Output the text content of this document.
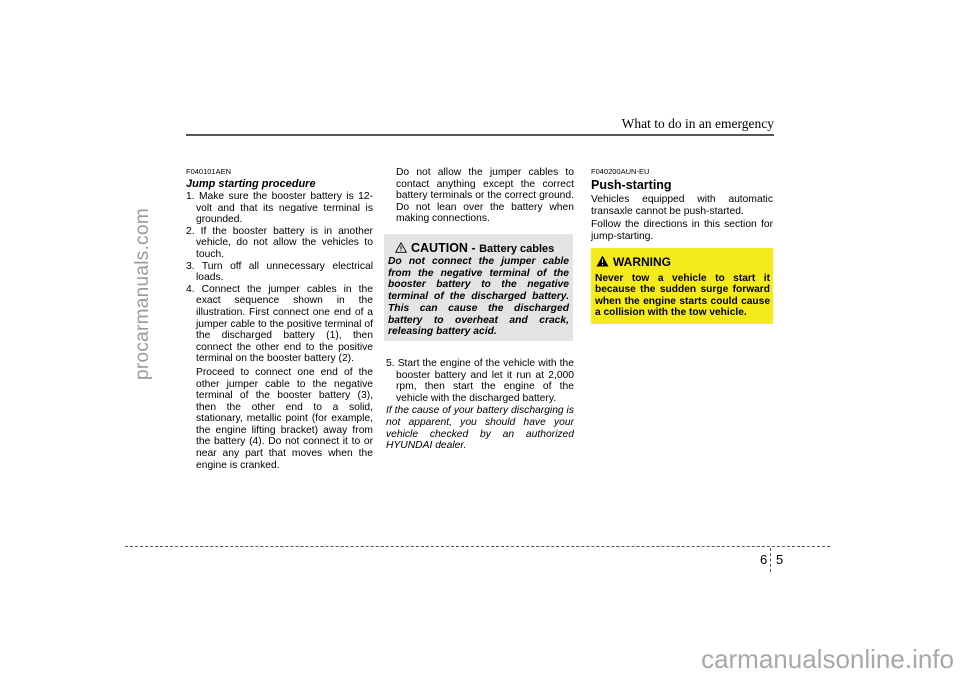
procarmanuals.com
What to do in an emergency
F040101AEN
Jump starting procedure
1. Make sure the booster battery is 12-volt and that its negative terminal is grounded.
2. If the booster battery is in another vehicle, do not allow the vehicles to touch.
3. Turn off all unnecessary electrical loads.
4. Connect the jumper cables in the exact sequence shown in the illustration. First connect one end of a jumper cable to the positive terminal of the discharged battery (1), then connect the other end to the positive terminal on the booster battery (2).
Proceed to connect one end of the other jumper cable to the negative terminal of the booster battery (3), then the other end to a solid, stationary, metallic point (for example, the engine lifting bracket) away from the battery (4). Do not connect it to or near any part that moves when the engine is cranked.
Do not allow the jumper cables to contact anything except the correct battery terminals or the correct ground. Do not lean over the battery when making connections.
CAUTION - Battery cables
Do not connect the jumper cable from the negative terminal of the booster battery to the negative terminal of the discharged battery. This can cause the discharged battery to overheat and crack, releasing battery acid.
5. Start the engine of the vehicle with the booster battery and let it run at 2,000 rpm, then start the engine of the vehicle with the discharged battery.
If the cause of your battery discharging is not apparent, you should have your vehicle checked by an authorized HYUNDAI dealer.
F040200AUN-EU
Push-starting
Vehicles equipped with automatic transaxle cannot be push-started.
Follow the directions in this section for jump-starting.
WARNING
Never tow a vehicle to start it because the sudden surge forward when the engine starts could cause a collision with the tow vehicle.
6 5
carmanualsonline.info
